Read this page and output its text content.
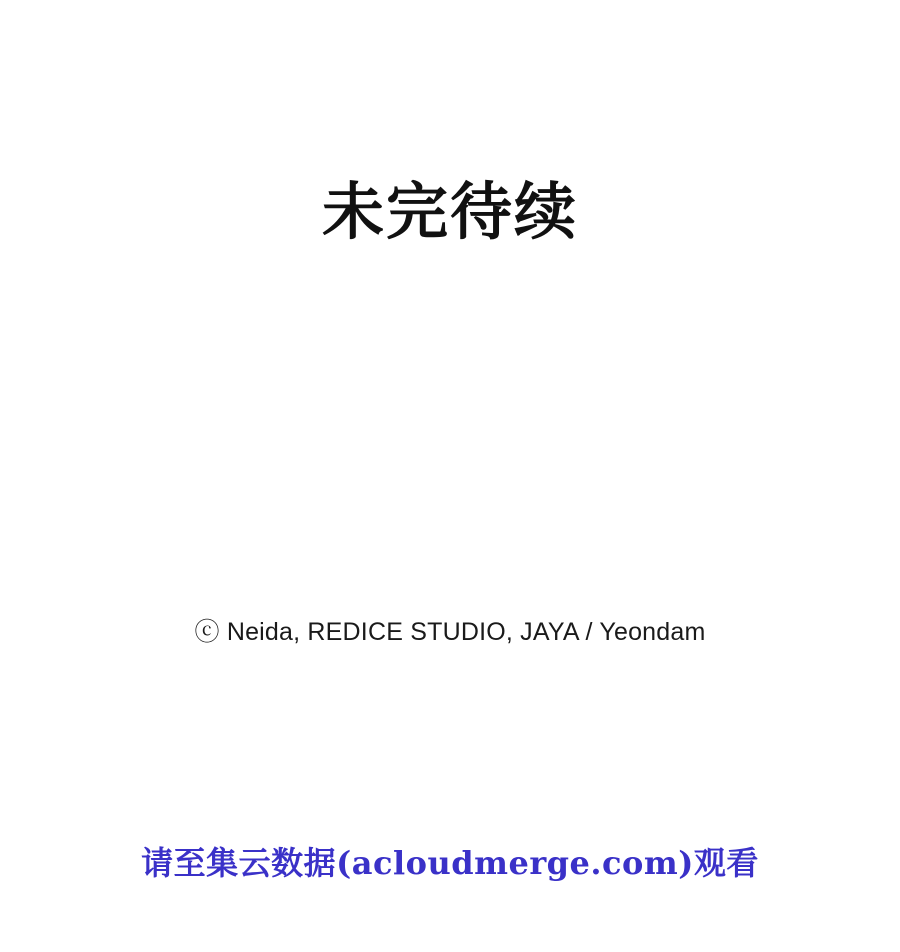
未完待续
ⓒ Neida, REDICE STUDIO, JAYA / Yeondam
请至集云数据(acloudmerge.com)观看
